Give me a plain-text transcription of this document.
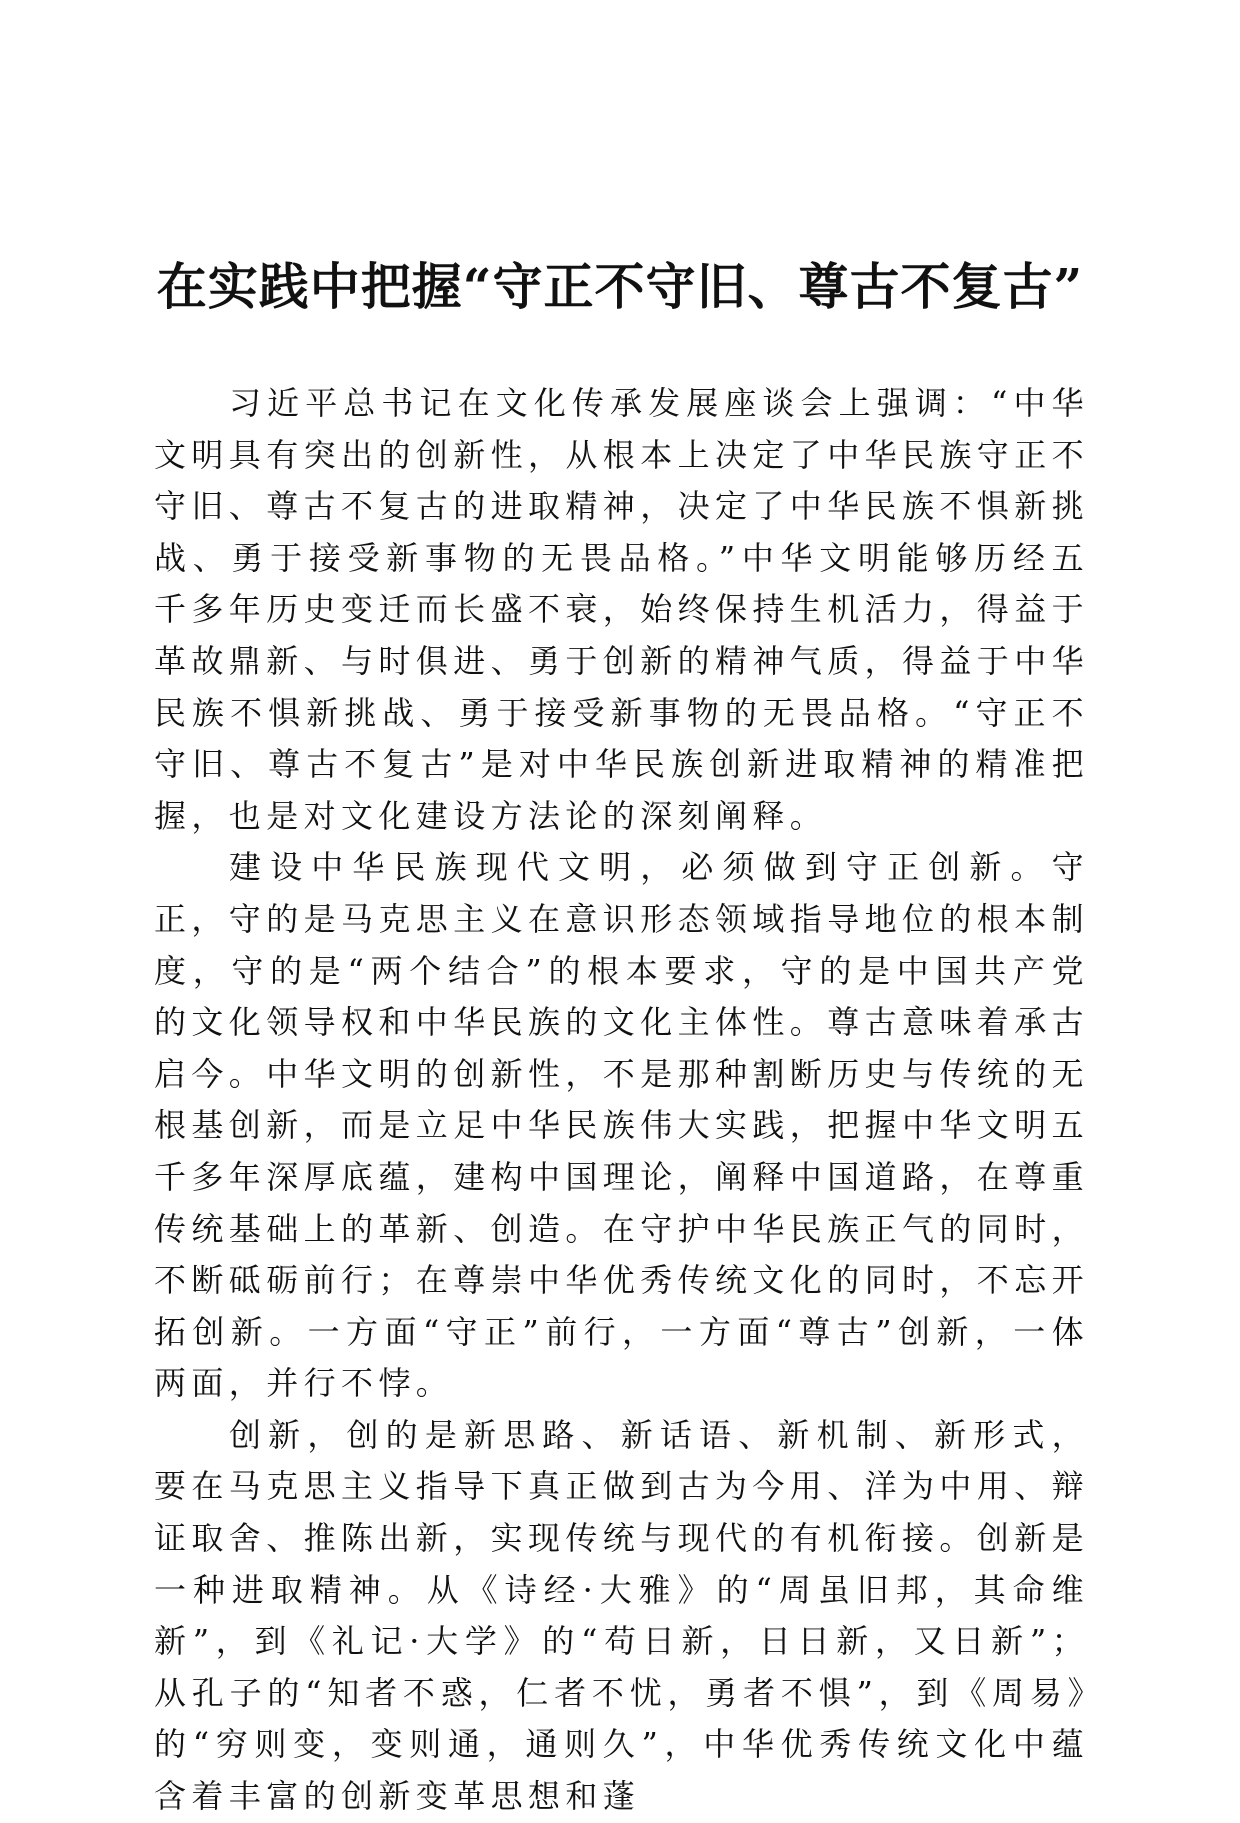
在实践中把握“守正不守旧、尊古不复古”

习近平总书记在文化传承发展座谈会上强调：“中华文明具有突出的创新性，从根本上决定了中华民族守正不守旧、尊古不复古的进取精神，决定了中华民族不惧新挑战、勇于接受新事物的无畏品格。”中华文明能够历经五千多年历史变迁而长盛不衰，始终保持生机活力，得益于革故鼎新、与时俱进、勇于创新的精神气质，得益于中华民族不惧新挑战、勇于接受新事物的无畏品格。“守正不守旧、尊古不复古”是对中华民族创新进取精神的精准把握，也是对文化建设方法论的深刻阐释。

建设中华民族现代文明，必须做到守正创新。守正，守的是马克思主义在意识形态领域指导地位的根本制度，守的是“两个结合”的根本要求，守的是中国共产党的文化领导权和中华民族的文化主体性。尊古意味着承古启今。中华文明的创新性，不是那种割断历史与传统的无根基创新，而是立足中华民族伟大实践，把握中华文明五千多年深厚底蕴，建构中国理论，阐释中国道路，在尊重传统基础上的革新、创造。在守护中华民族正气的同时，不断砥砺前行；在尊崇中华优秀传统文化的同时，不忘开拓创新。一方面“守正”前行，一方面“尊古”创新，一体两面，并行不悖。

创新，创的是新思路、新话语、新机制、新形式，要在马克思主义指导下真正做到古为今用、洋为中用、辩证取舍、推陈出新，实现传统与现代的有机衔接。创新是一种进取精神。从《诗经·大雅》的“周虽旧邦，其命维新”，到《礼记·大学》的“苟日新，日日新，又日新”；从孔子的“知者不惑，仁者不忧，勇者不惧”，到《周易》的“穷则变，变则通，通则久”，中华优秀传统文化中蕴含着丰富的创新变革思想和蓬
